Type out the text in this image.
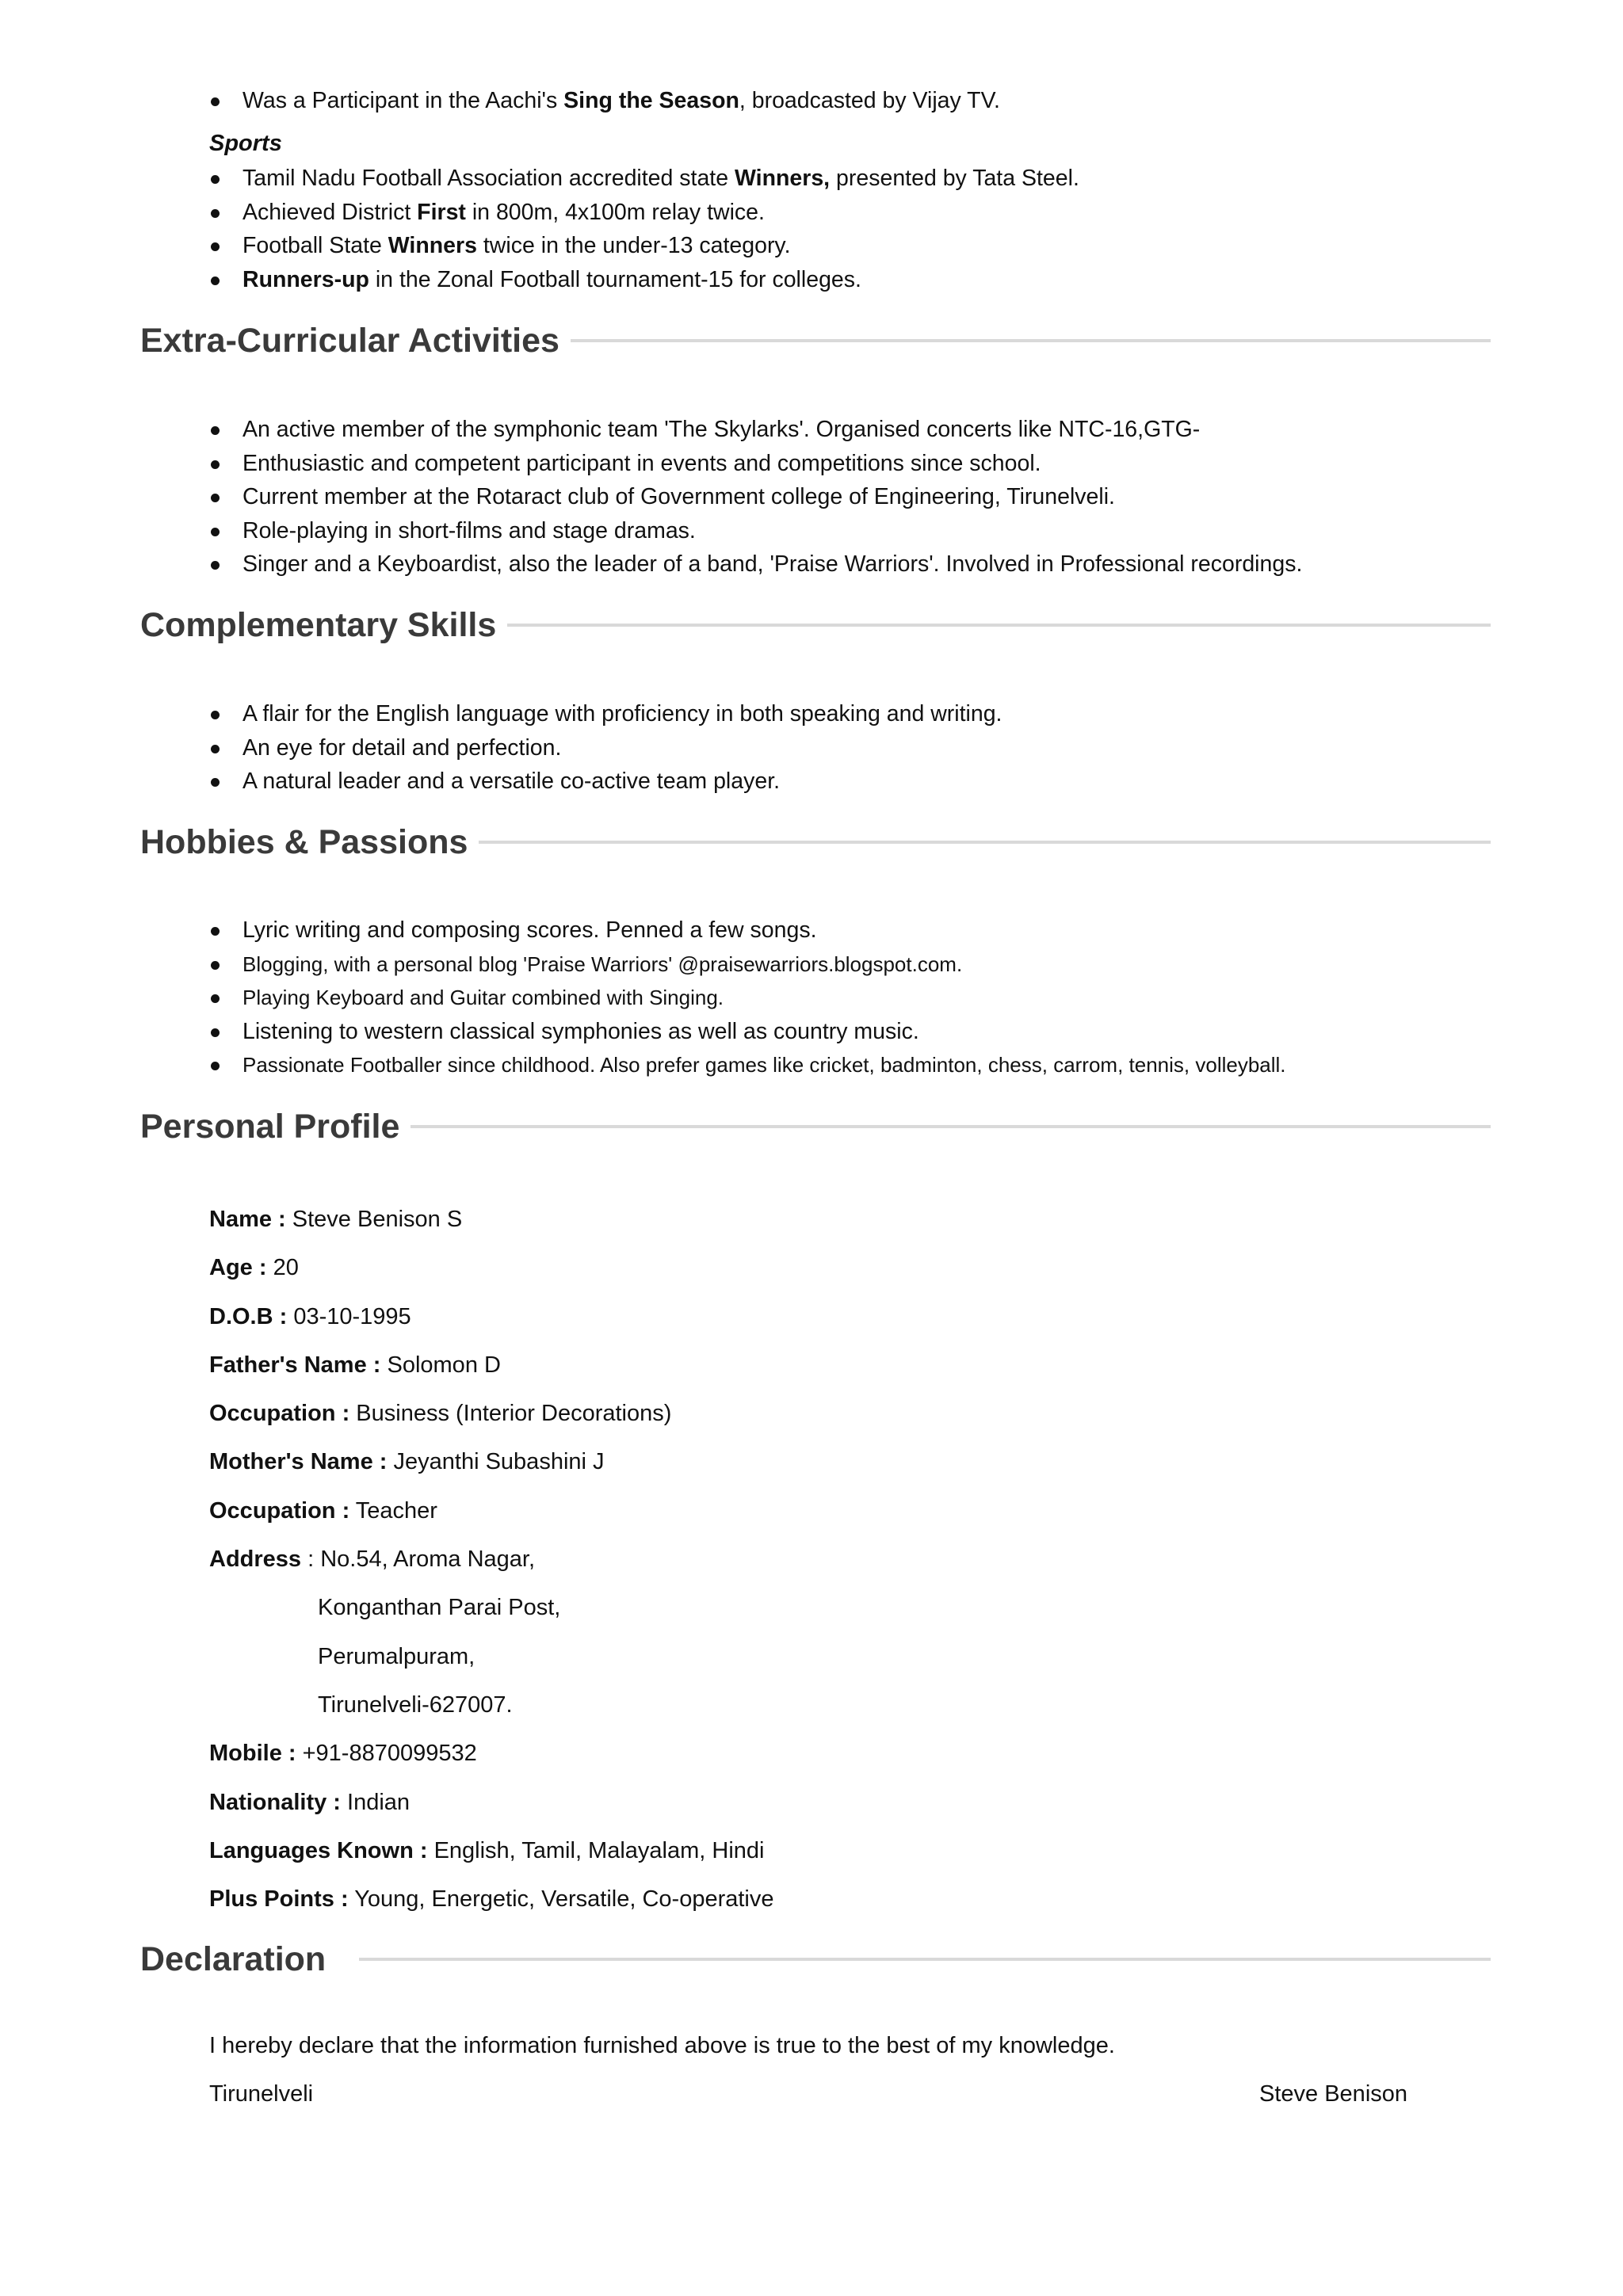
Was a Participant in the Aachi's Sing the Season, broadcasted by Vijay TV.
Sports
Tamil Nadu Football Association accredited state Winners, presented by Tata Steel.
Achieved District First in 800m, 4x100m relay twice.
Football State Winners twice in the under-13 category.
Runners-up in the Zonal Football tournament-15 for colleges.
Extra-Curricular Activities
An active member of the symphonic team 'The Skylarks'. Organised concerts like NTC-16,GTG-
Enthusiastic and competent participant in events and competitions since school.
Current member at the Rotaract club of Government college of Engineering, Tirunelveli.
Role-playing in short-films and stage dramas.
Singer and a Keyboardist, also the leader of a band, 'Praise Warriors'. Involved in Professional recordings.
Complementary Skills
A flair for the English language with proficiency in both speaking and writing.
An eye for detail and perfection.
A natural leader and a versatile co-active team player.
Hobbies & Passions
Lyric writing and composing scores. Penned a few songs.
Blogging, with a personal blog 'Praise Warriors' @praisewarriors.blogspot.com.
Playing Keyboard and Guitar combined with Singing.
Listening to western classical symphonies as well as country music.
Passionate Footballer since childhood. Also prefer games like cricket, badminton, chess, carrom, tennis, volleyball.
Personal Profile
Name : Steve Benison S
Age : 20
D.O.B : 03-10-1995
Father's Name : Solomon D
Occupation : Business (Interior Decorations)
Mother's Name : Jeyanthi Subashini J
Occupation : Teacher
Address : No.54, Aroma Nagar,
Konganthan Parai Post,
Perumalpuram,
Tirunelveli-627007.
Mobile : +91-8870099532
Nationality : Indian
Languages Known : English, Tamil, Malayalam, Hindi
Plus Points : Young, Energetic, Versatile, Co-operative
Declaration
I hereby declare that the information furnished above is true to the best of my knowledge.
Tirunelveli	Steve Benison
